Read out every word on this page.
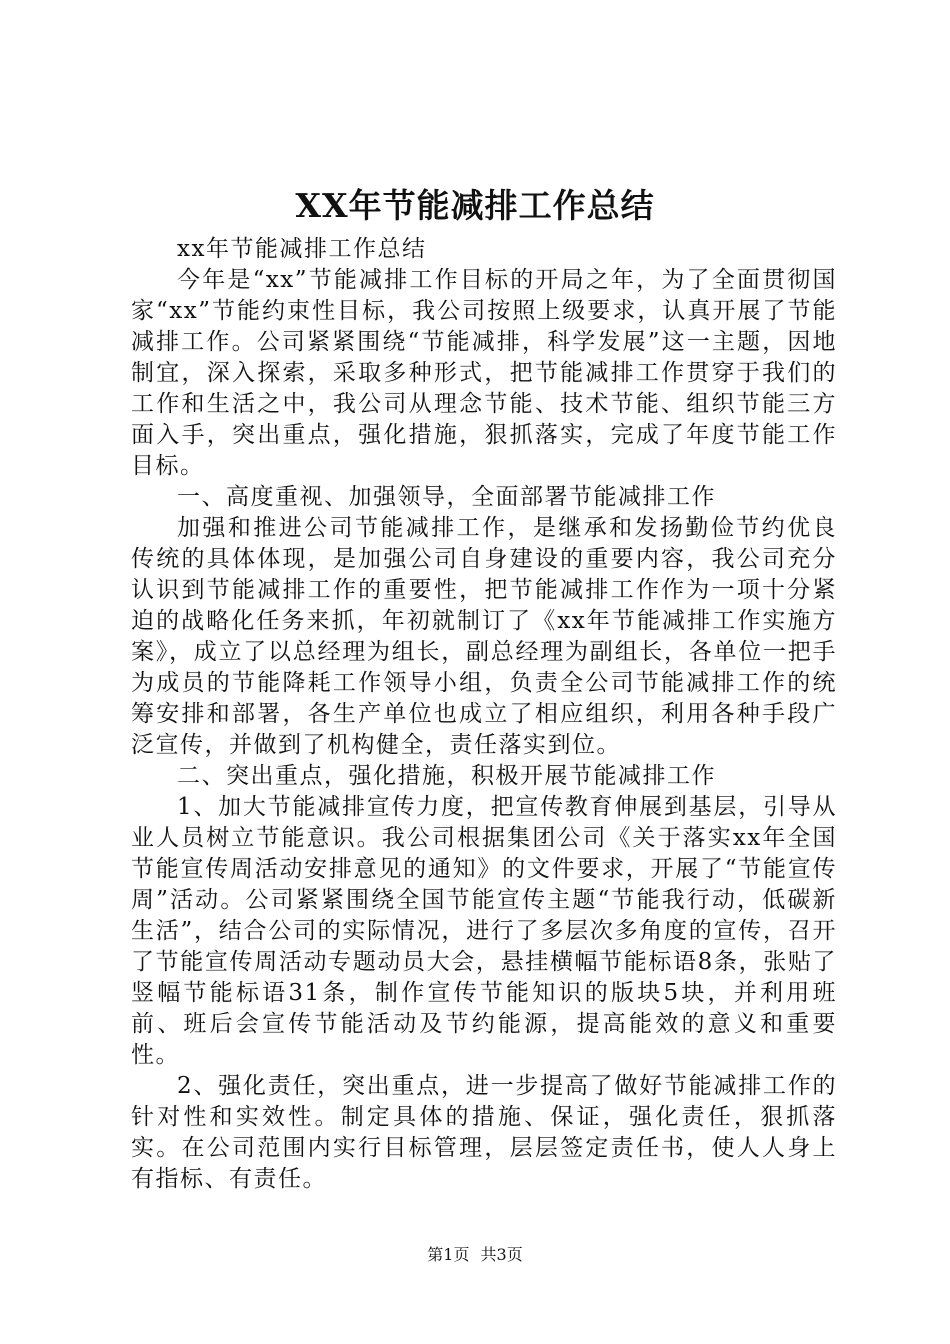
XX年节能减排工作总结

xx年节能减排工作总结

今年是“xx”节能减排工作目标的开局之年，为了全面贯彻国家“xx”节能约束性目标，我公司按照上级要求，认真开展了节能减排工作。公司紧紧围绕“节能减排，科学发展”这一主题，因地制宜，深入探索，采取多种形式，把节能减排工作贯穿于我们的工作和生活之中，我公司从理念节能、技术节能、组织节能三方面入手，突出重点，强化措施，狠抓落实，完成了年度节能工作目标。

一、高度重视、加强领导，全面部署节能减排工作

加强和推进公司节能减排工作，是继承和发扬勤俭节约优良传统的具体体现，是加强公司自身建设的重要内容，我公司充分认识到节能减排工作的重要性，把节能减排工作作为一项十分紧迫的战略化任务来抓，年初就制订了《xx年节能减排工作实施方案》，成立了以总经理为组长，副总经理为副组长，各单位一把手为成员的节能降耗工作领导小组，负责全公司节能减排工作的统筹安排和部署，各生产单位也成立了相应组织，利用各种手段广泛宣传，并做到了机构健全，责任落实到位。

二、突出重点，强化措施，积极开展节能减排工作

1、加大节能减排宣传力度，把宣传教育伸展到基层，引导从业人员树立节能意识。我公司根据集团公司《关于落实xx年全国节能宣传周活动安排意见的通知》的文件要求，开展了“节能宣传周”活动。公司紧紧围绕全国节能宣传主题“节能我行动，低碳新生活”，结合公司的实际情况，进行了多层次多角度的宣传，召开了节能宣传周活动专题动员大会，悬挂横幅节能标语8条，张贴了竖幅节能标语31条，制作宣传节能知识的版块5块，并利用班前、班后会宣传节能活动及节约能源，提高能效的意义和重要性。

2、强化责任，突出重点，进一步提高了做好节能减排工作的针对性和实效性。制定具体的措施、保证，强化责任，狠抓落实。在公司范围内实行目标管理，层层签定责任书，使人人身上有指标、有责任。

第1页 共3页
